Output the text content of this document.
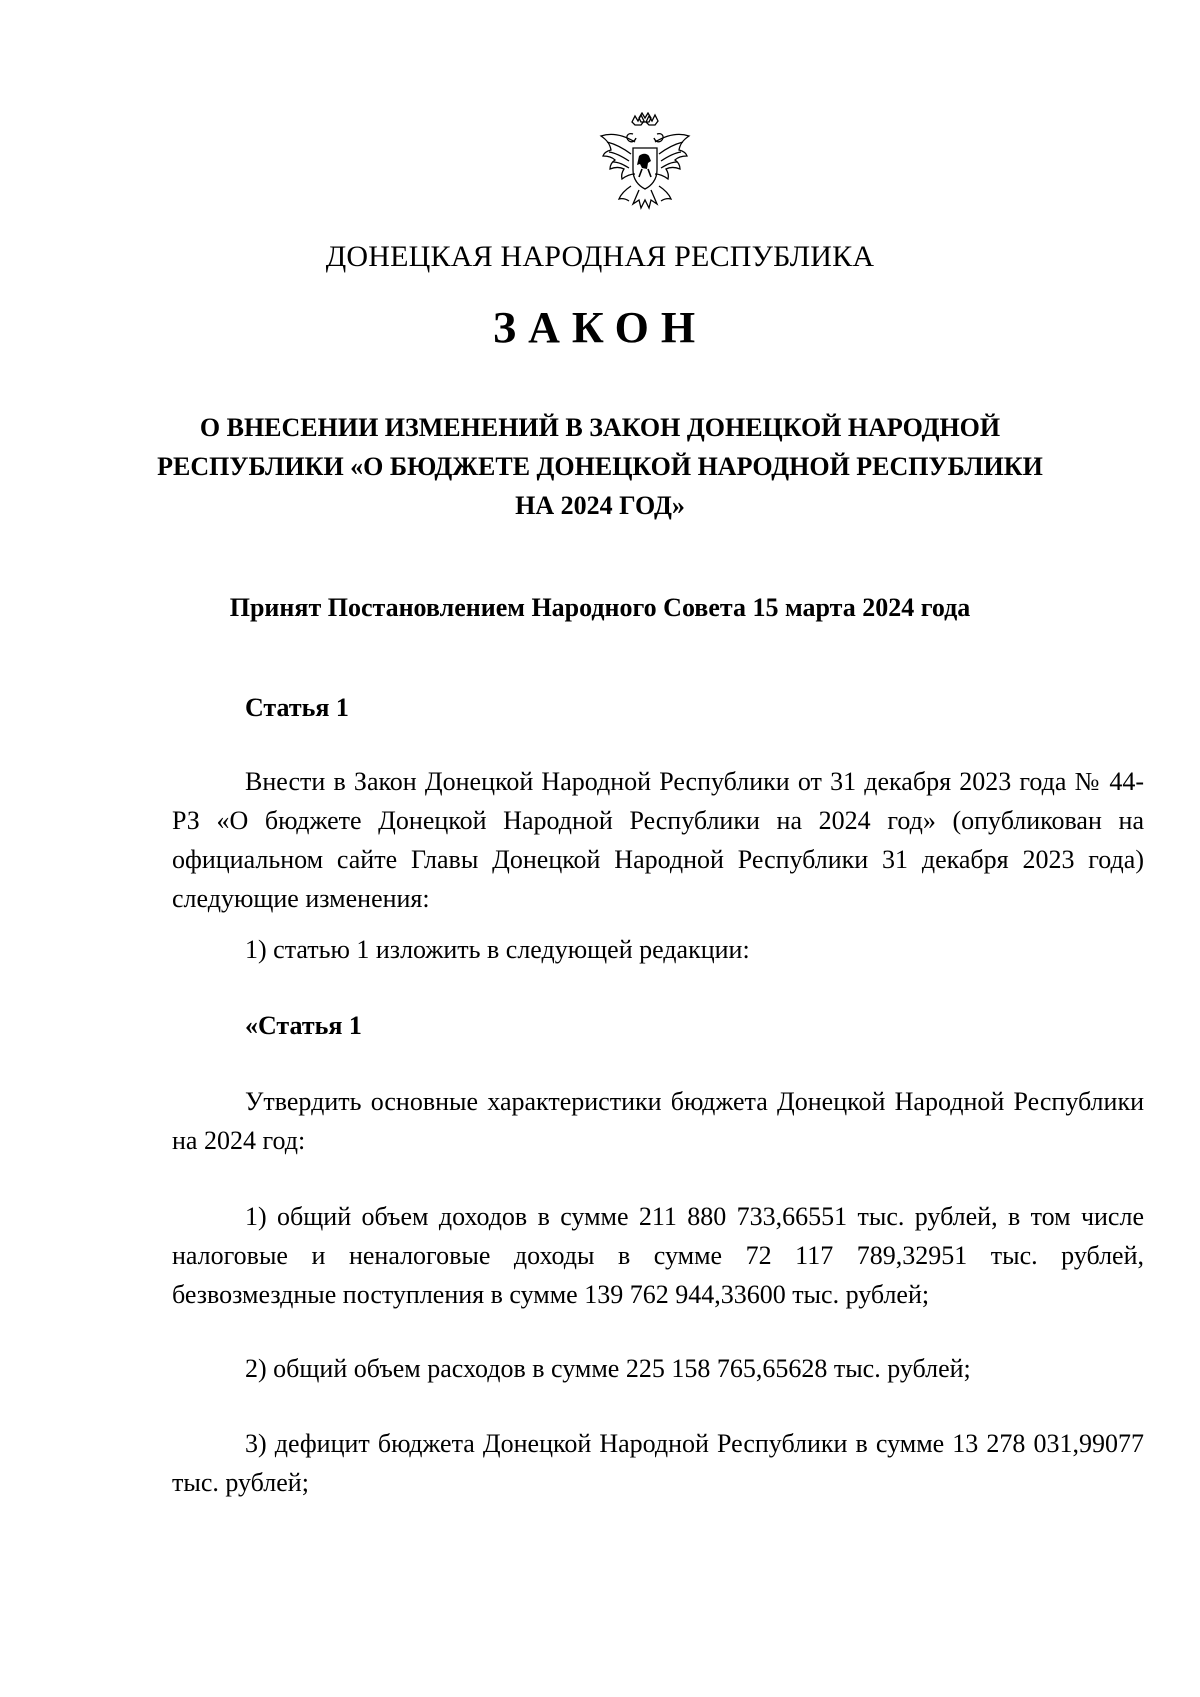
ДОНЕЦКАЯ НАРОДНАЯ РЕСПУБЛИКА
ЗАКОН
О ВНЕСЕНИИ ИЗМЕНЕНИЙ В ЗАКОН ДОНЕЦКОЙ НАРОДНОЙ РЕСПУБЛИКИ «О БЮДЖЕТЕ ДОНЕЦКОЙ НАРОДНОЙ РЕСПУБЛИКИ НА 2024 ГОД»
Принят Постановлением Народного Совета 15 марта 2024 года

Статья 1

Внести в Закон Донецкой Народной Республики от 31 декабря 2023 года № 44-РЗ «О бюджете Донецкой Народной Республики на 2024 год» (опубликован на официальном сайте Главы Донецкой Народной Республики 31 декабря 2023 года) следующие изменения:

1) статью 1 изложить в следующей редакции:

«Статья 1

Утвердить основные характеристики бюджета Донецкой Народной Республики на 2024 год:

1) общий объем доходов в сумме 211 880 733,66551 тыс. рублей, в том числе налоговые и неналоговые доходы в сумме 72 117 789,32951 тыс. рублей, безвозмездные поступления в сумме 139 762 944,33600 тыс. рублей;

2) общий объем расходов в сумме 225 158 765,65628 тыс. рублей;

3) дефицит бюджета Донецкой Народной Республики в сумме 13 278 031,99077 тыс. рублей;
